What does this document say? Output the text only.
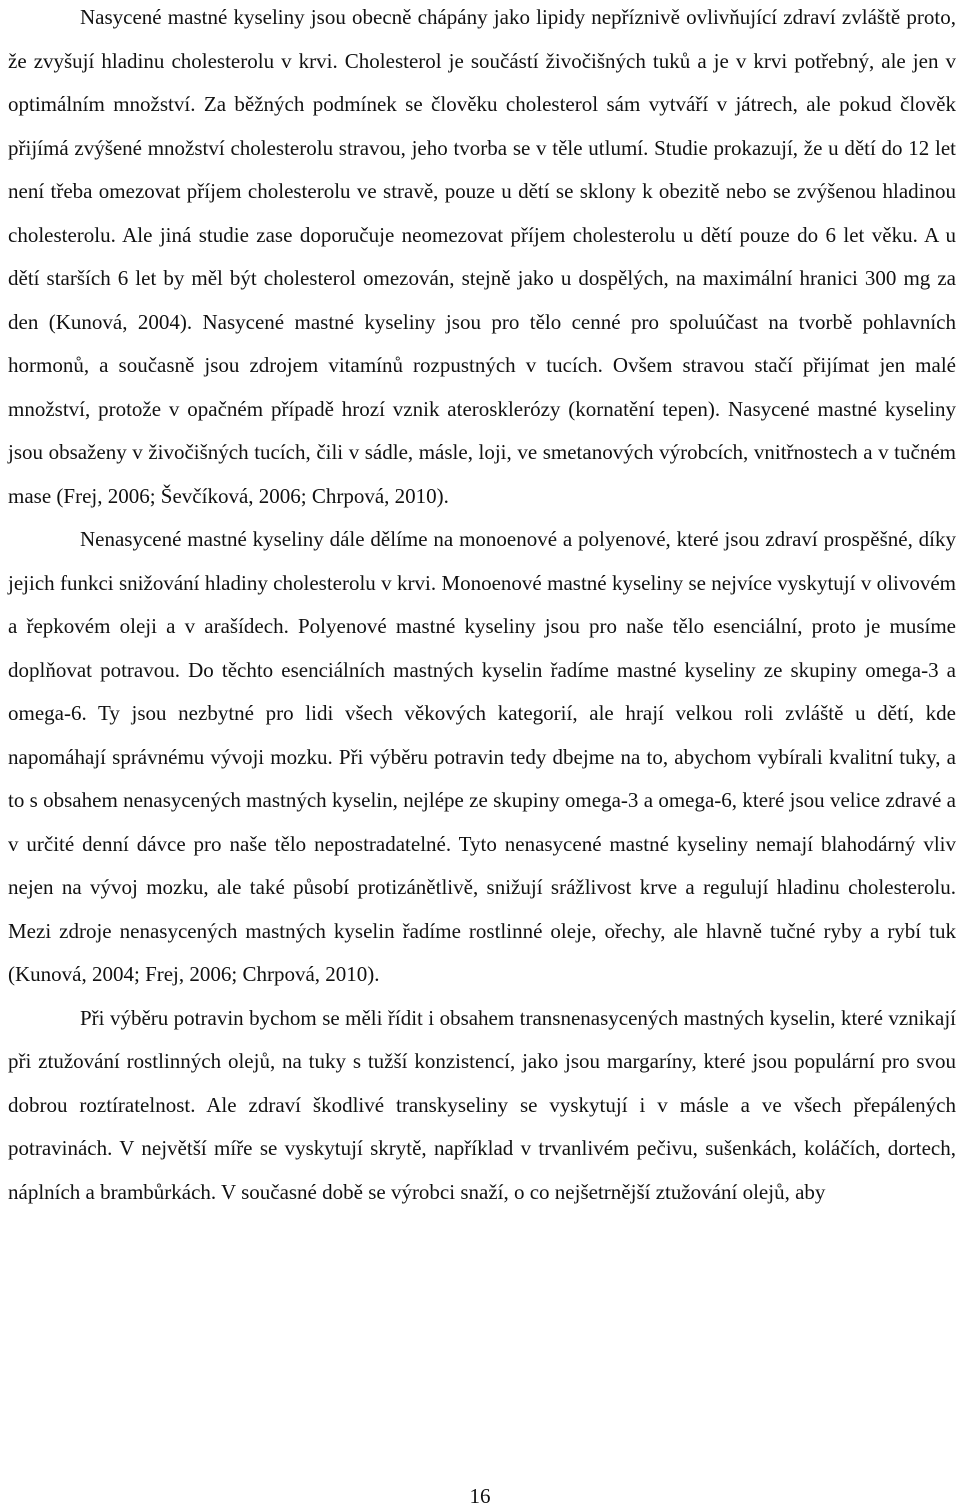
Nasycené mastné kyseliny jsou obecně chápány jako lipidy nepříznivě ovlivňující zdraví zvláště proto, že zvyšují hladinu cholesterolu v krvi. Cholesterol je součástí živočišných tuků a je v krvi potřebný, ale jen v optimálním množství. Za běžných podmínek se člověku cholesterol sám vytváří v játrech, ale pokud člověk přijímá zvýšené množství cholesterolu stravou, jeho tvorba se v těle utlumí. Studie prokazují, že u dětí do 12 let není třeba omezovat příjem cholesterolu ve stravě, pouze u dětí se sklony k obezitě nebo se zvýšenou hladinou cholesterolu. Ale jiná studie zase doporučuje neomezovat příjem cholesterolu u dětí pouze do 6 let věku. A u dětí starších 6 let by měl být cholesterol omezován, stejně jako u dospělých, na maximální hranici 300 mg za den (Kunová, 2004). Nasycené mastné kyseliny jsou pro tělo cenné pro spoluúčast na tvorbě pohlavních hormonů, a současně jsou zdrojem vitamínů rozpustných v tucích. Ovšem stravou stačí přijímat jen malé množství, protože v opačném případě hrozí vznik aterosklerózy (kornatění tepen). Nasycené mastné kyseliny jsou obsaženy v živočišných tucích, čili v sádle, másle, loji, ve smetanových výrobcích, vnitřnostech a v tučném mase (Frej, 2006; Ševčíková, 2006; Chrpová, 2010).

Nenasycené mastné kyseliny dále dělíme na monoenové a polyenové, které jsou zdraví prospěšné, díky jejich funkci snižování hladiny cholesterolu v krvi. Monoenové mastné kyseliny se nejvíce vyskytují v olivovém a řepkovém oleji a v arašídech. Polyenové mastné kyseliny jsou pro naše tělo esenciální, proto je musíme doplňovat potravou. Do těchto esenciálních mastných kyselin řadíme mastné kyseliny ze skupiny omega-3 a omega-6. Ty jsou nezbytné pro lidi všech věkových kategorií, ale hrají velkou roli zvláště u dětí, kde napomáhají správnému vývoji mozku. Při výběru potravin tedy dbejme na to, abychom vybírali kvalitní tuky, a to s obsahem nenasycených mastných kyselin, nejlépe ze skupiny omega-3 a omega-6, které jsou velice zdravé a v určité denní dávce pro naše tělo nepostradatelné. Tyto nenasycené mastné kyseliny nemají blahodárný vliv nejen na vývoj mozku, ale také působí protizánětlivě, snižují srážlivost krve a regulují hladinu cholesterolu. Mezi zdroje nenasycených mastných kyselin řadíme rostlinné oleje, ořechy, ale hlavně tučné ryby a rybí tuk (Kunová, 2004; Frej, 2006; Chrpová, 2010).

Při výběru potravin bychom se měli řídit i obsahem transnenasycených mastných kyselin, které vznikají při ztužování rostlinných olejů, na tuky s tužší konzistencí, jako jsou margaríny, které jsou populární pro svou dobrou roztíratelnost. Ale zdraví škodlivé transkyseliny se vyskytují i v másle a ve všech přepálených potravinách. V největší míře se vyskytují skrytě, například v trvanlivém pečivu, sušenkách, koláčích, dortech, náplních a brambůrkách. V současné době se výrobci snaží, o co nejšetrnější ztužování olejů, aby

16
